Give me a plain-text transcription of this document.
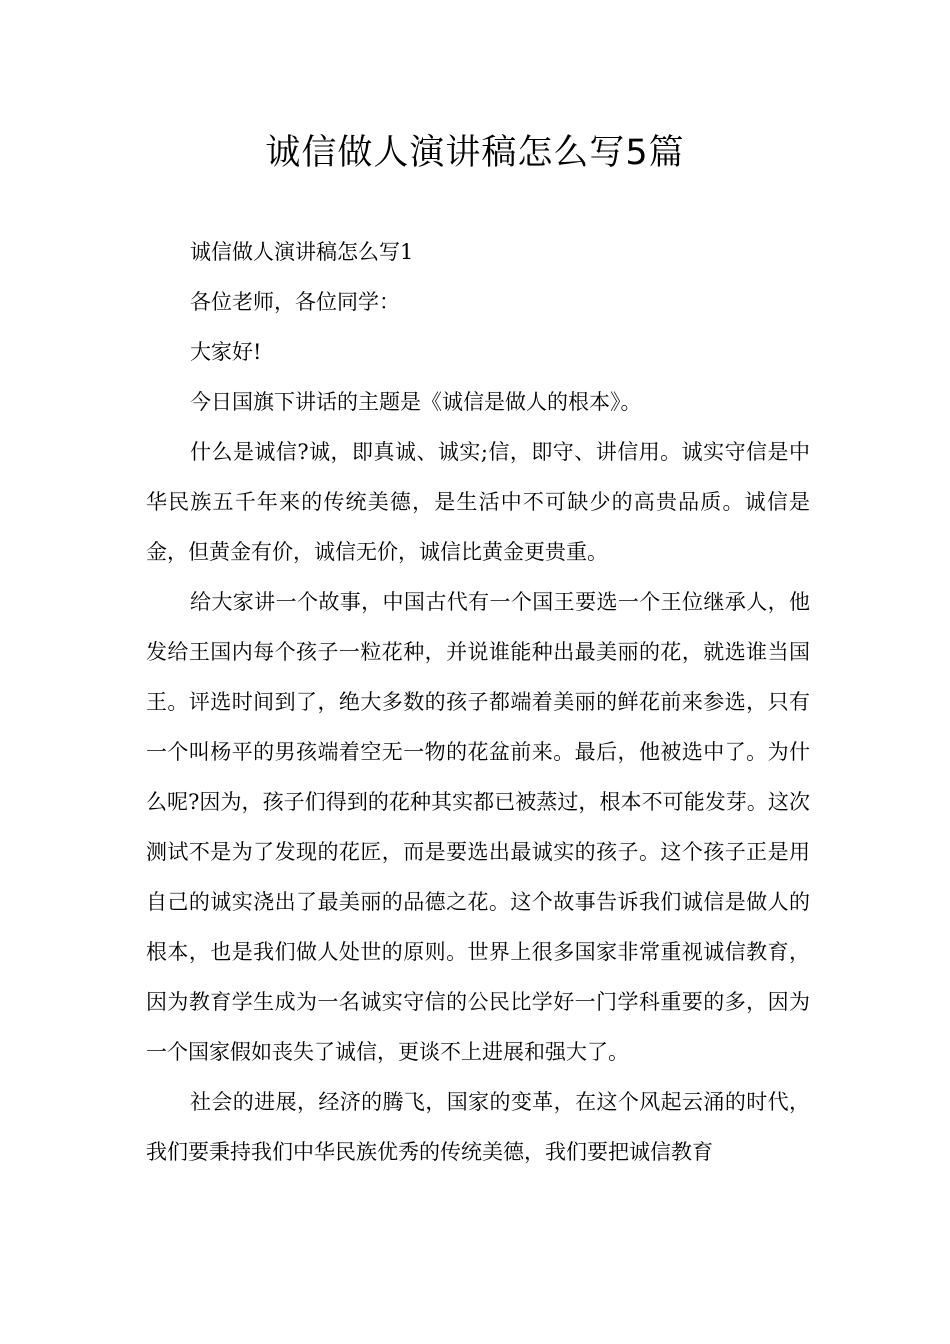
诚信做人演讲稿怎么写5篇

诚信做人演讲稿怎么写1

各位老师，各位同学：

大家好!

今日国旗下讲话的主题是《诚信是做人的根本》。

什么是诚信?诚，即真诚、诚实;信，即守、讲信用。诚实守信是中华民族五千年来的传统美德，是生活中不可缺少的高贵品质。诚信是金，但黄金有价，诚信无价，诚信比黄金更贵重。

给大家讲一个故事，中国古代有一个国王要选一个王位继承人，他发给王国内每个孩子一粒花种，并说谁能种出最美丽的花，就选谁当国王。评选时间到了，绝大多数的孩子都端着美丽的鲜花前来参选，只有一个叫杨平的男孩端着空无一物的花盆前来。最后，他被选中了。为什么呢?因为，孩子们得到的花种其实都已被蒸过，根本不可能发芽。这次测试不是为了发现的花匠，而是要选出最诚实的孩子。这个孩子正是用自己的诚实浇出了最美丽的品德之花。这个故事告诉我们诚信是做人的根本，也是我们做人处世的原则。世界上很多国家非常重视诚信教育，因为教育学生成为一名诚实守信的公民比学好一门学科重要的多，因为一个国家假如丧失了诚信，更谈不上进展和强大了。

社会的进展，经济的腾飞，国家的变革，在这个风起云涌的时代，我们要秉持我们中华民族优秀的传统美德，我们要把诚信教育
